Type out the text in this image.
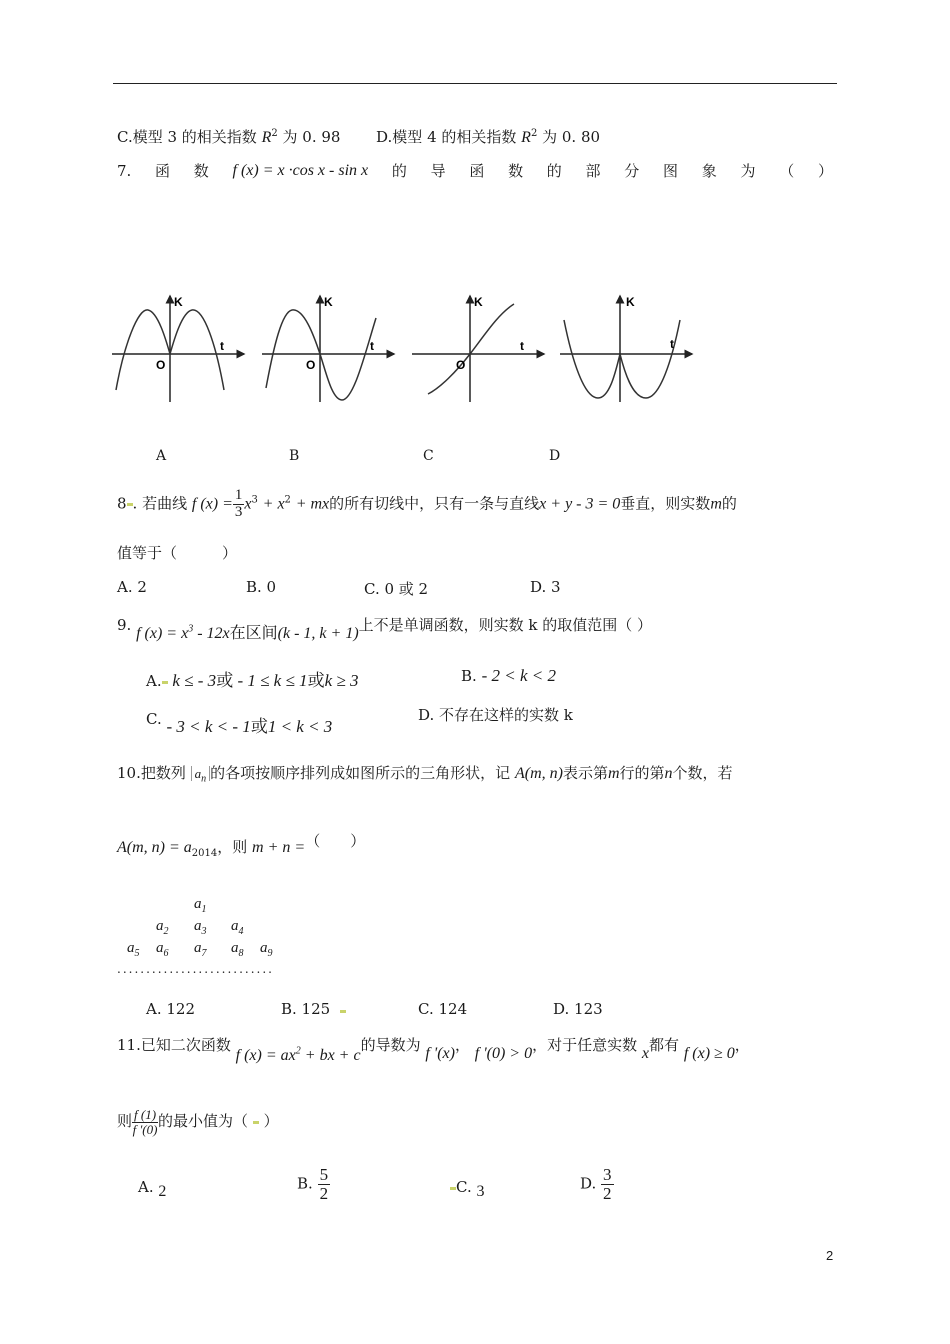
C.模型 3 的相关指数 $R^2$ 为 0. 98 D.模型 4 的相关指数 $R^2$ 为 0. 80
7. 函 数 f (x) = x ·cos x - sin x 的 导 函 数 的 部 分 图 象 为 （ ）
K
t
O
K
t
O
K
t
O
K
t
A	B	C	D
8 . 若曲线 f $(x) = \frac{1}{3} x^3 + x^2$ + mx的所有切线中，只有一条与直线x + y - 3 = 0垂直，则实数m的
值等于（　　　）
A. 2	B. 0	C. 0 或 2	D. 3
9. f $(x) = x^3 - 12x$在区间(k - 1, k + 1)上不是单调函数，则实数 k 的取值范围（ ）
A. k ≤ - 3或 - 1 ≤ k ≤ 1或k ≥ 3	B. - 2 < k < 2
C. - 3 < k < - 1或1 < k < 3
D. 不存在这样的实数 k
10.把数列 $a_n$ 的各项按顺序排列成如图所示的三角形状，记 A(m, n)表示第m行的第n个数，若
A(m, $n) = a_{2014}$，则 m + n =（　　）
$a_1$
$a_2$ $a_3$ $a_4$
$a_5$ $a_6$ $a_7$ $a_8$ $a_9$
...........................
A. 122	B. 125	C. 124	D. 123
11.已知二次函数 f $(x) = ax^2$ + bx + c的导数为 f '(x)， f '(0) > 0，对于任意实数 x都有 f (x) ≥ 0，
则 $\frac{f (1)}{f '(0)}$ 的最小值为（ ）
A. 2	B. $\frac{5}{2}$	C. 3	D. $\frac{3}{2}$
2
